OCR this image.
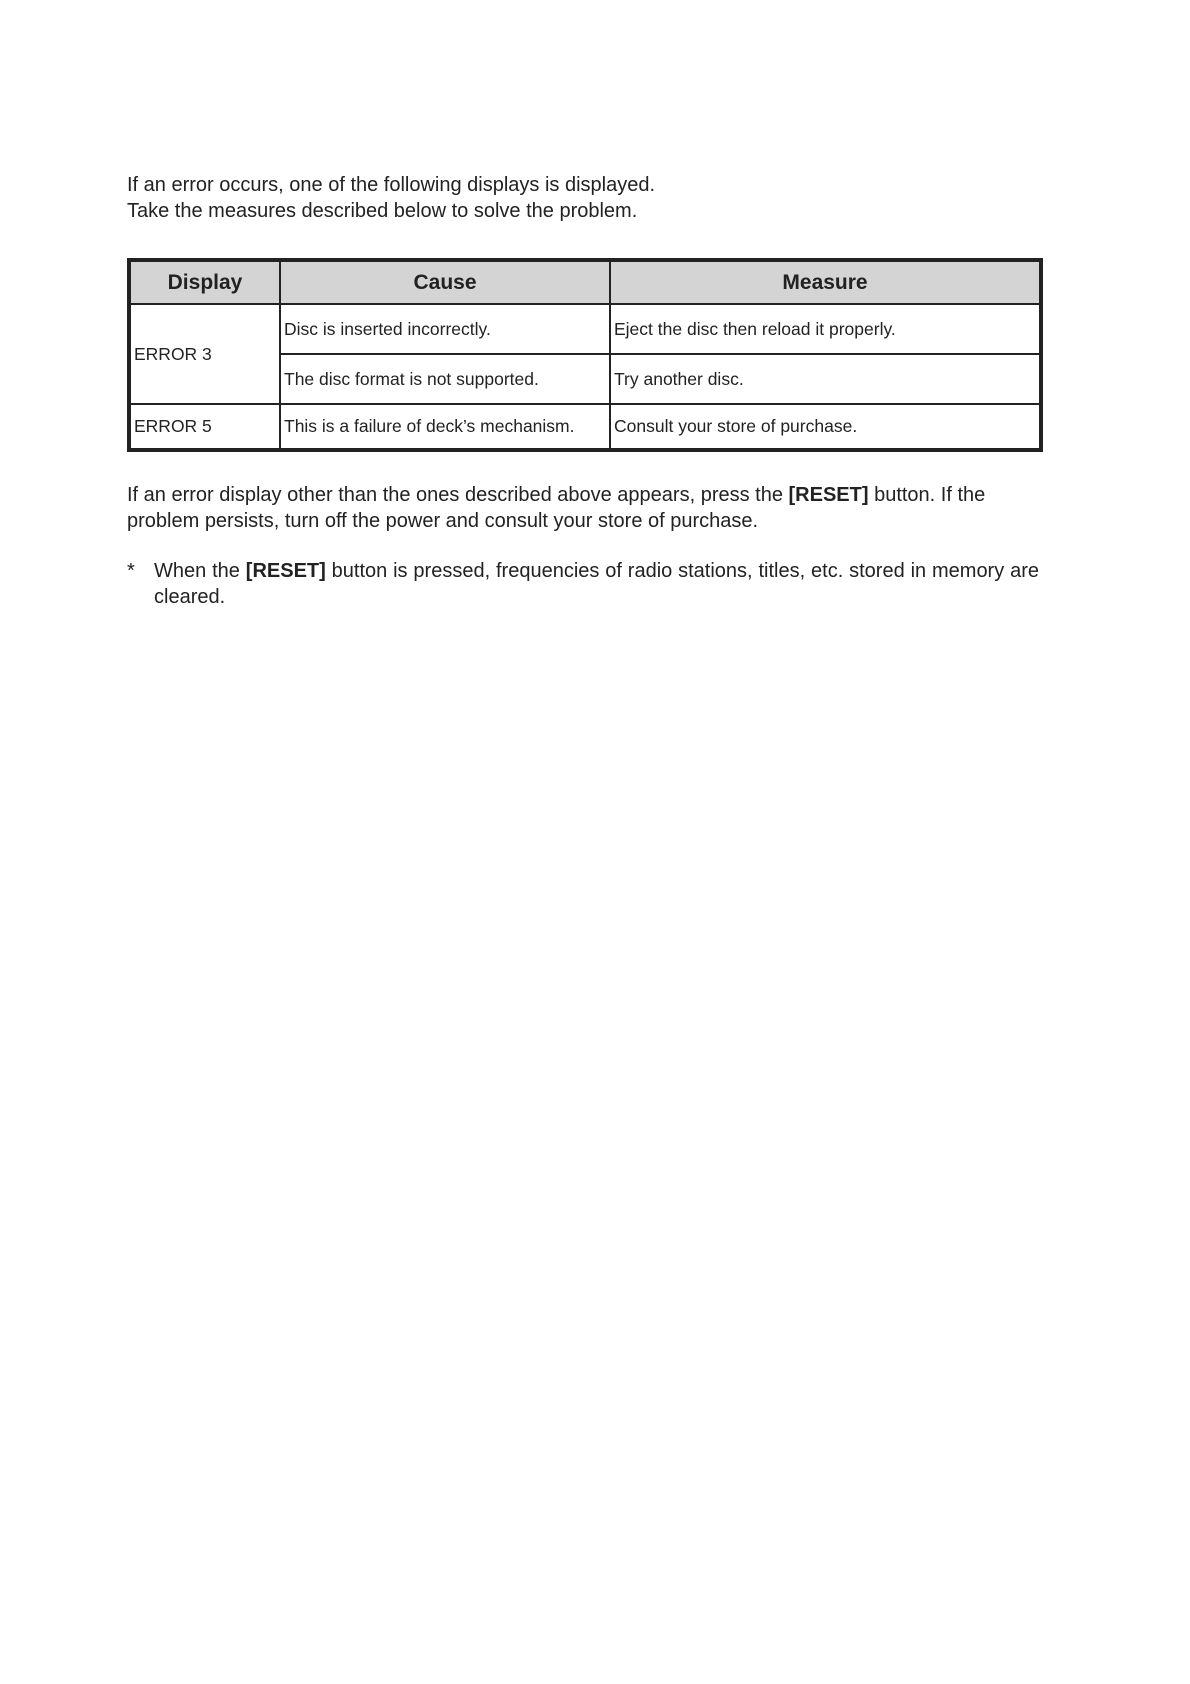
If an error occurs, one of the following displays is displayed.

Take the measures described below to solve the problem.

Display	Cause	Measure
ERROR 3	Disc is inserted incorrectly.	Eject the disc then reload it properly.
	The disc format is not supported.	Try another disc.
ERROR 5	This is a failure of deck’s mechanism.	Consult your store of purchase.

If an error display other than the ones described above appears, press the [RESET] button. If the problem persists, turn off the power and consult your store of purchase.

* When the [RESET] button is pressed, frequencies of radio stations, titles, etc. stored in memory are cleared.
